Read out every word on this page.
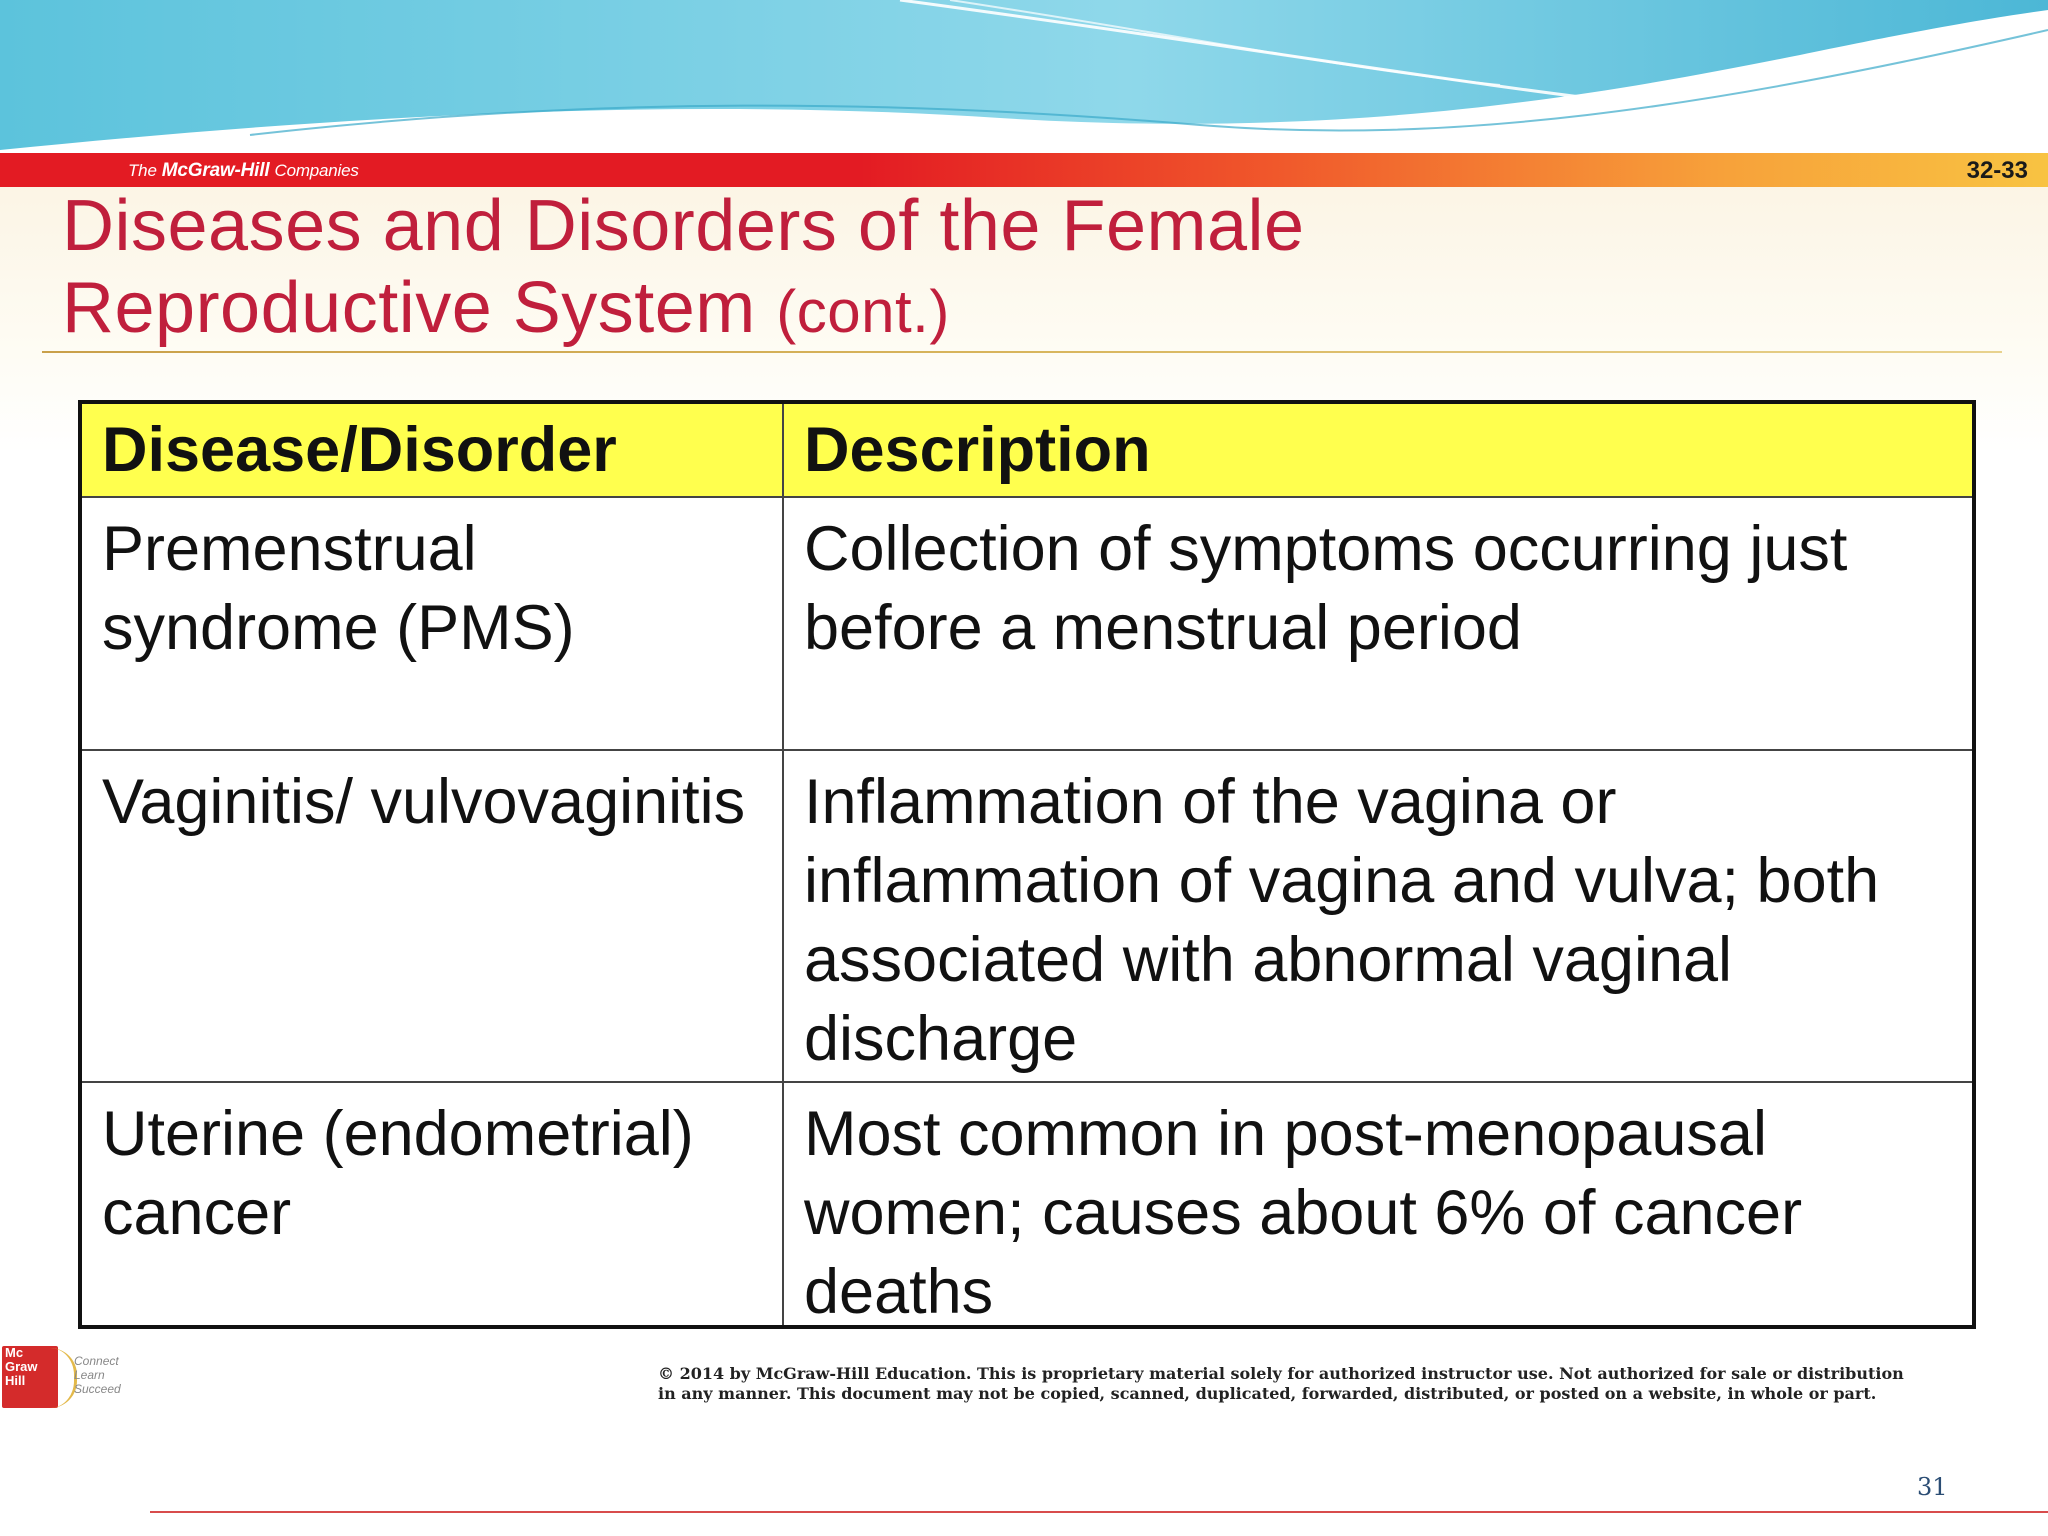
The McGraw-Hill Companies	32-33
Diseases and Disorders of the Female
Reproductive System (cont.)
Disease/Disorder	Description
Premenstrual syndrome (PMS)
Collection of symptoms occurring just before a menstrual period
Vaginitis/ vulvovaginitis Inflammation of the vagina or inflammation of vagina and vulva; both associated with abnormal vaginal discharge
Uterine (endometrial) cancer
Most common in post-menopausal women; causes about 6% of cancer deaths
Mc
Graw
Hill
Connect
Learn
Succeed
© 2014 by McGraw-Hill Education. This is proprietary material solely for authorized instructor use. Not authorized for sale or distribution
in any manner. This document may not be copied, scanned, duplicated, forwarded, distributed, or posted on a website, in whole or part.
31
